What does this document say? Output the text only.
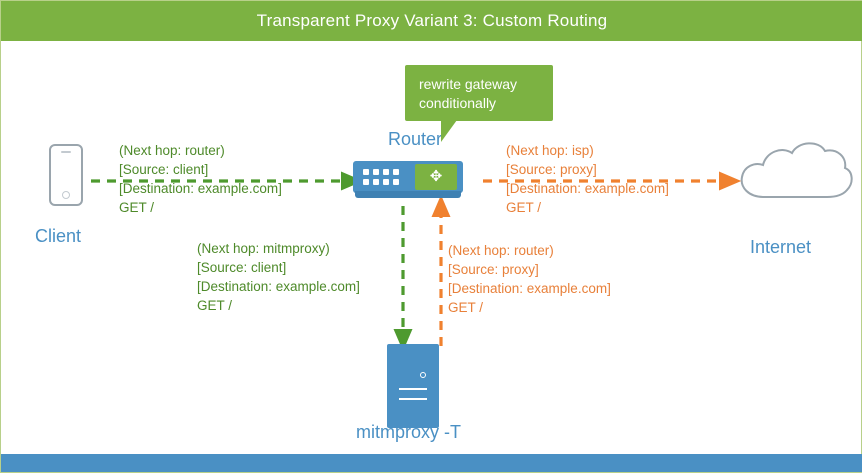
Transparent Proxy Variant 3: Custom Routing
Client
✥
Router
rewrite gateway
conditionally
mitmproxy -T
Internet
(Next hop: router)
[Source: client]
[Destination: example.com]
GET /
(Next hop: isp)
[Source: proxy]
[Destination: example.com]
GET /
(Next hop: mitmproxy)
[Source: client]
[Destination: example.com]
GET /
(Next hop: router)
[Source: proxy]
[Destination: example.com]
GET /
